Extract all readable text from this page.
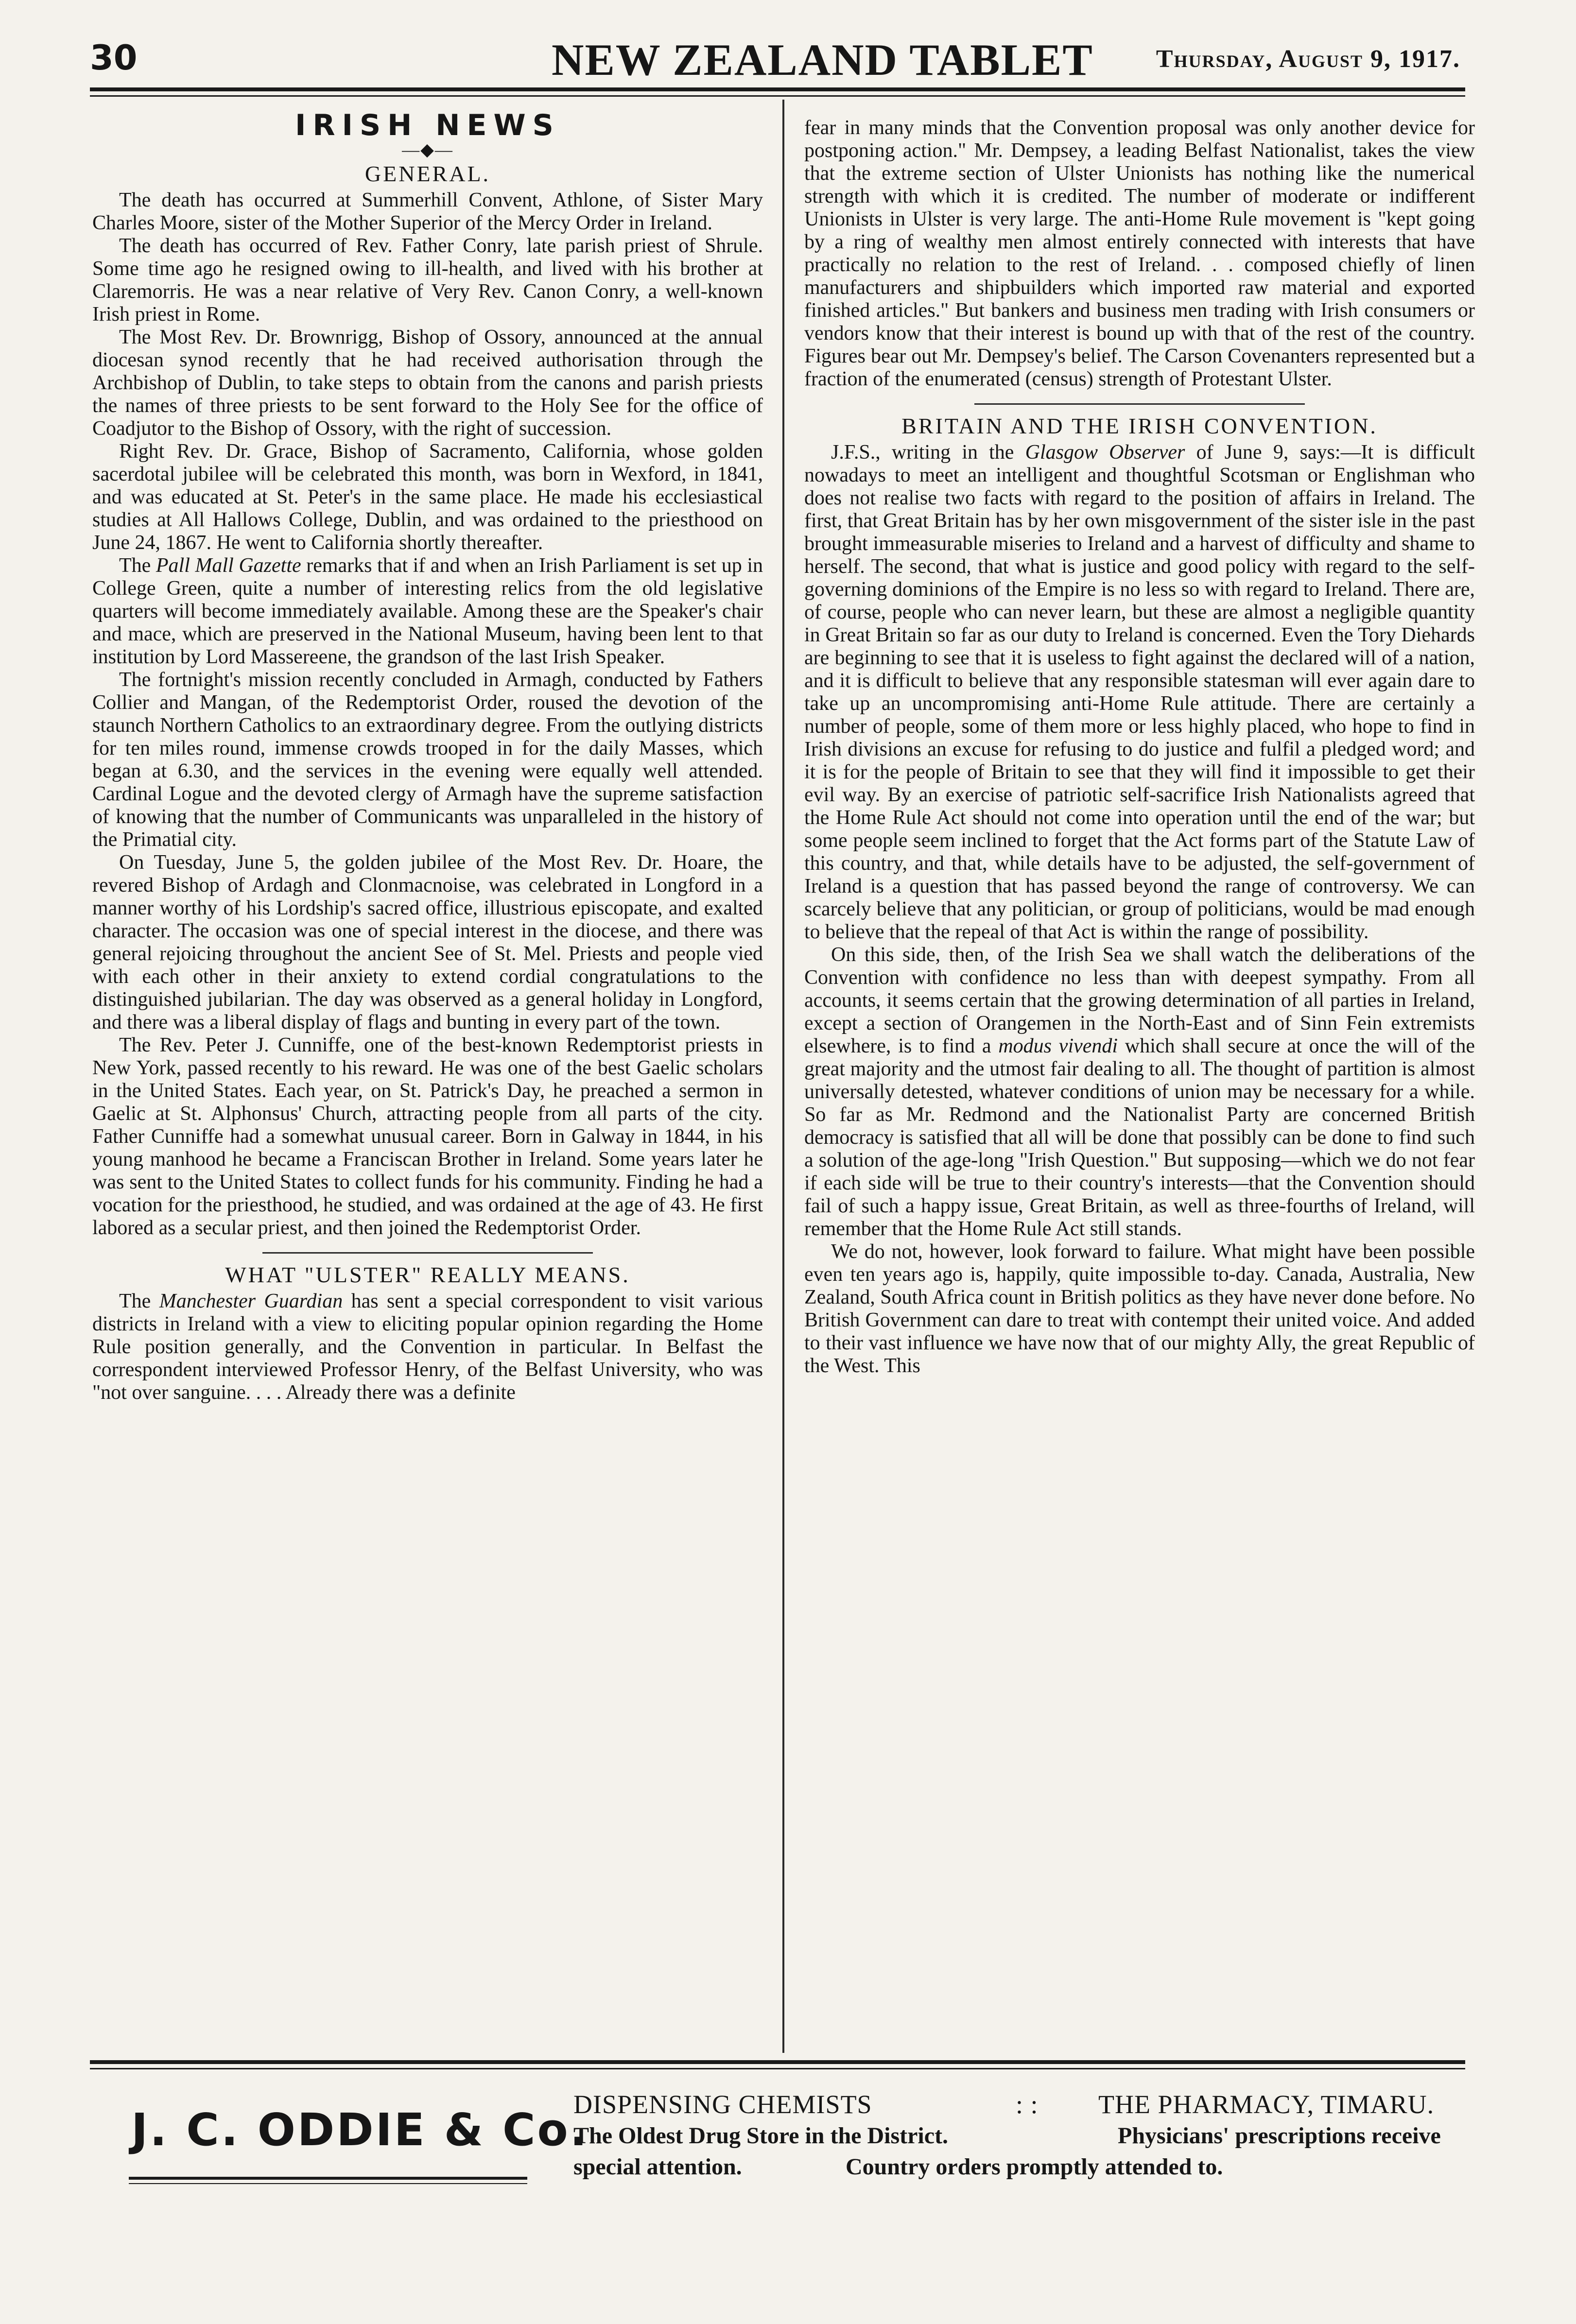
30	NEW ZEALAND TABLET Thursday, August 9, 1917.
IRISH NEWS
—◆—
GENERAL.

The death has occurred at Summerhill Convent, Athlone, of Sister Mary Charles Moore, sister of the Mother Superior of the Mercy Order in Ireland.

The death has occurred of Rev. Father Conry, late parish priest of Shrule. Some time ago he resigned owing to ill-health, and lived with his brother at Claremorris. He was a near relative of Very Rev. Canon Conry, a well-known Irish priest in Rome.

The Most Rev. Dr. Brownrigg, Bishop of Ossory, announced at the annual diocesan synod recently that he had received authorisation through the Archbishop of Dublin, to take steps to obtain from the canons and parish priests the names of three priests to be sent forward to the Holy See for the office of Coadjutor to the Bishop of Ossory, with the right of succession.

Right Rev. Dr. Grace, Bishop of Sacramento, California, whose golden sacerdotal jubilee will be celebrated this month, was born in Wexford, in 1841, and was educated at St. Peter's in the same place. He made his ecclesiastical studies at All Hallows College, Dublin, and was ordained to the priesthood on June 24, 1867. He went to California shortly thereafter.

The Pall Mall Gazette remarks that if and when an Irish Parliament is set up in College Green, quite a number of interesting relics from the old legislative quarters will become immediately available. Among these are the Speaker's chair and mace, which are preserved in the National Museum, having been lent to that institution by Lord Massereene, the grandson of the last Irish Speaker.

The fortnight's mission recently concluded in Armagh, conducted by Fathers Collier and Mangan, of the Redemptorist Order, roused the devotion of the staunch Northern Catholics to an extraordinary degree. From the outlying districts for ten miles round, immense crowds trooped in for the daily Masses, which began at 6.30, and the services in the evening were equally well attended. Cardinal Logue and the devoted clergy of Armagh have the supreme satisfaction of knowing that the number of Communicants was unparalleled in the history of the Primatial city.

On Tuesday, June 5, the golden jubilee of the Most Rev. Dr. Hoare, the revered Bishop of Ardagh and Clonmacnoise, was celebrated in Longford in a manner worthy of his Lordship's sacred office, illustrious episcopate, and exalted character. The occasion was one of special interest in the diocese, and there was general rejoicing throughout the ancient See of St. Mel. Priests and people vied with each other in their anxiety to extend cordial congratulations to the distinguished jubilarian. The day was observed as a general holiday in Longford, and there was a liberal display of flags and bunting in every part of the town.

The Rev. Peter J. Cunniffe, one of the best-known Redemptorist priests in New York, passed recently to his reward. He was one of the best Gaelic scholars in the United States. Each year, on St. Patrick's Day, he preached a sermon in Gaelic at St. Alphonsus' Church, attracting people from all parts of the city. Father Cunniffe had a somewhat unusual career. Born in Galway in 1844, in his young manhood he became a Franciscan Brother in Ireland. Some years later he was sent to the United States to collect funds for his community. Finding he had a vocation for the priesthood, he studied, and was ordained at the age of 43. He first labored as a secular priest, and then joined the Redemptorist Order.

WHAT "ULSTER" REALLY MEANS.

The Manchester Guardian has sent a special correspondent to visit various districts in Ireland with a view to eliciting popular opinion regarding the Home Rule position generally, and the Convention in particular. In Belfast the correspondent interviewed Professor Henry, of the Belfast University, who was "not over sanguine. . . . Already there was a definite

fear in many minds that the Convention proposal was only another device for postponing action." Mr. Dempsey, a leading Belfast Nationalist, takes the view that the extreme section of Ulster Unionists has nothing like the numerical strength with which it is credited. The number of moderate or indifferent Unionists in Ulster is very large. The anti-Home Rule movement is "kept going by a ring of wealthy men almost entirely connected with interests that have practically no relation to the rest of Ireland. . . composed chiefly of linen manufacturers and shipbuilders which imported raw material and exported finished articles." But bankers and business men trading with Irish consumers or vendors know that their interest is bound up with that of the rest of the country. Figures bear out Mr. Dempsey's belief. The Carson Covenanters represented but a fraction of the enumerated (census) strength of Protestant Ulster.

BRITAIN AND THE IRISH CONVENTION.

J.F.S., writing in the Glasgow Observer of June 9, says:—It is difficult nowadays to meet an intelligent and thoughtful Scotsman or Englishman who does not realise two facts with regard to the position of affairs in Ireland. The first, that Great Britain has by her own misgovernment of the sister isle in the past brought immeasurable miseries to Ireland and a harvest of difficulty and shame to herself. The second, that what is justice and good policy with regard to the self-governing dominions of the Empire is no less so with regard to Ireland. There are, of course, people who can never learn, but these are almost a negligible quantity in Great Britain so far as our duty to Ireland is concerned. Even the Tory Diehards are beginning to see that it is useless to fight against the declared will of a nation, and it is difficult to believe that any responsible statesman will ever again dare to take up an uncompromising anti-Home Rule attitude. There are certainly a number of people, some of them more or less highly placed, who hope to find in Irish divisions an excuse for refusing to do justice and fulfil a pledged word; and it is for the people of Britain to see that they will find it impossible to get their evil way. By an exercise of patriotic self-sacrifice Irish Nationalists agreed that the Home Rule Act should not come into operation until the end of the war; but some people seem inclined to forget that the Act forms part of the Statute Law of this country, and that, while details have to be adjusted, the self-government of Ireland is a question that has passed beyond the range of controversy. We can scarcely believe that any politician, or group of politicians, would be mad enough to believe that the repeal of that Act is within the range of possibility.

On this side, then, of the Irish Sea we shall watch the deliberations of the Convention with confidence no less than with deepest sympathy. From all accounts, it seems certain that the growing determination of all parties in Ireland, except a section of Orangemen in the North-East and of Sinn Fein extremists elsewhere, is to find a modus vivendi which shall secure at once the will of the great majority and the utmost fair dealing to all. The thought of partition is almost universally detested, whatever conditions of union may be necessary for a while. So far as Mr. Redmond and the Nationalist Party are concerned British democracy is satisfied that all will be done that possibly can be done to find such a solution of the age-long "Irish Question." But supposing—which we do not fear if each side will be true to their country's interests—that the Convention should fail of such a happy issue, Great Britain, as well as three-fourths of Ireland, will remember that the Home Rule Act still stands.

We do not, however, look forward to failure. What might have been possible even ten years ago is, happily, quite impossible to-day. Canada, Australia, New Zealand, South Africa count in British politics as they have never done before. No British Government can dare to treat with contempt their united voice. And added to their vast influence we have now that of our mighty Ally, the great Republic of the West. This

J. C. ODDIE & Co.
DISPENSING CHEMISTS	: : THE PHARMACY, TIMARU.
The Oldest Drug Store in the District.	Physicians' prescriptions receive
special attention.	Country orders promptly attended to.
